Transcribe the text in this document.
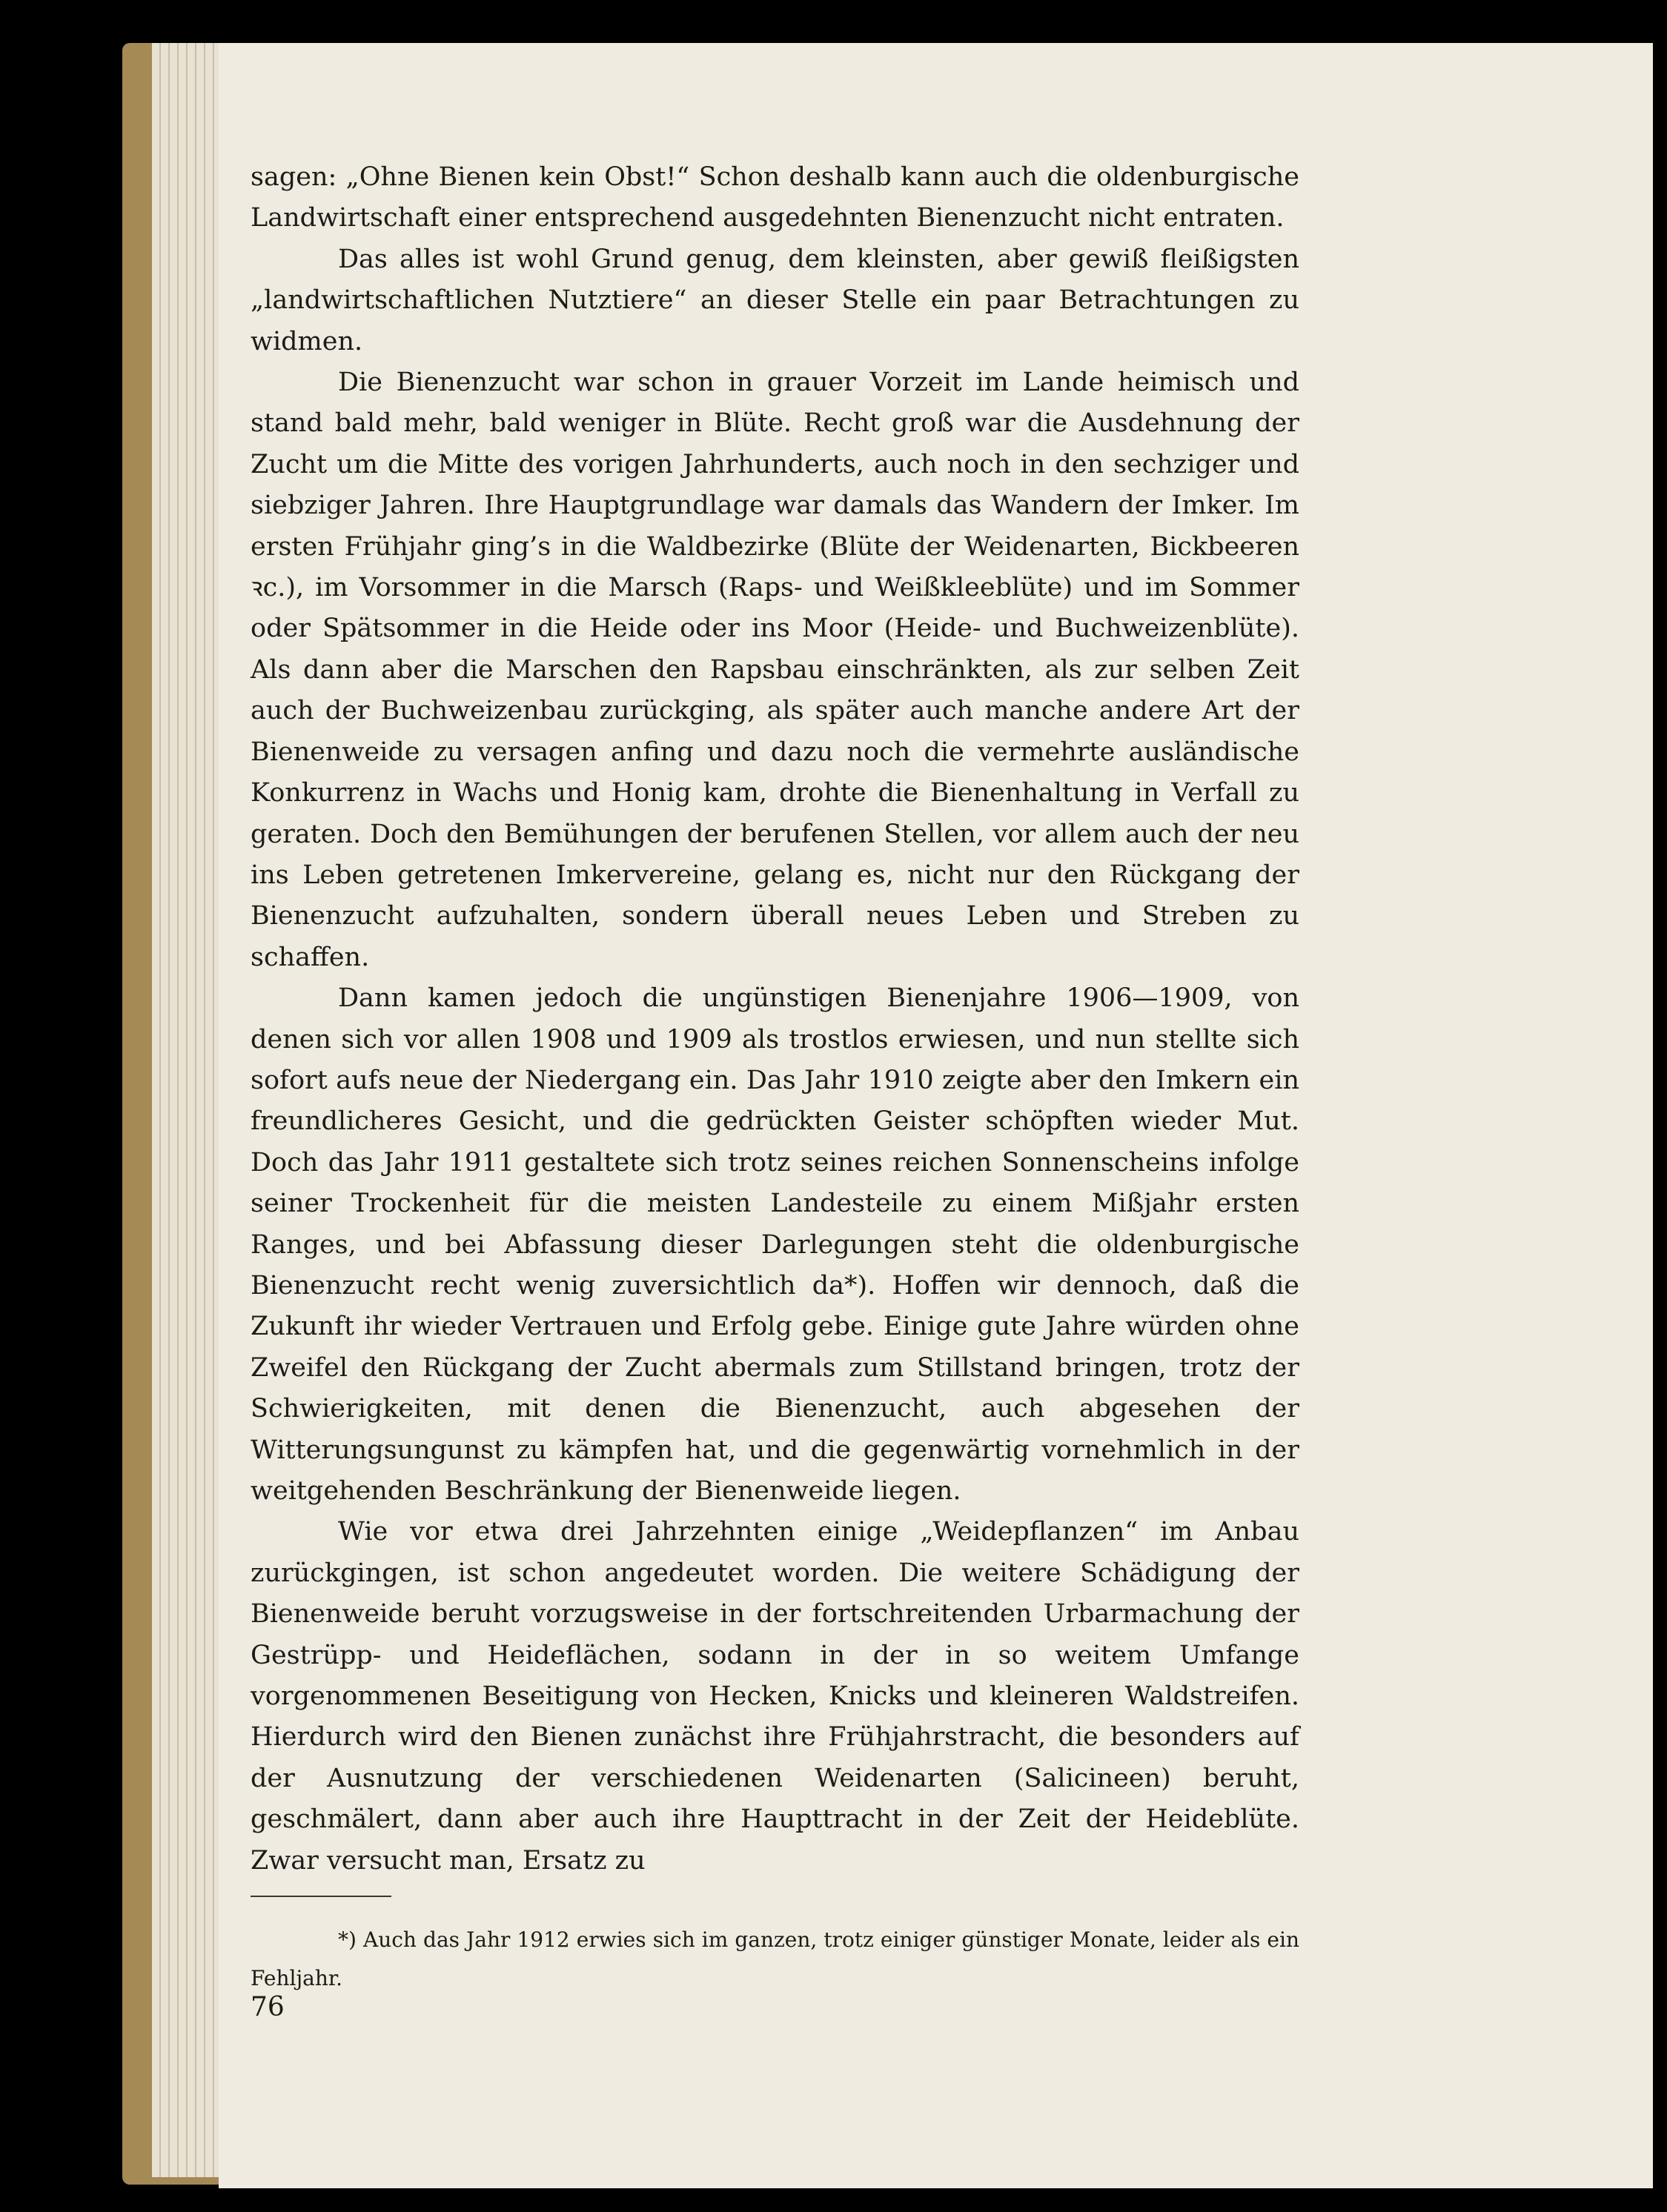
sagen: „Ohne Bienen kein Obst!“ Schon deshalb kann auch die oldenburgische Landwirtschaft einer entsprechend ausgedehnten Bienenzucht nicht entraten.

Das alles ist wohl Grund genug, dem kleinsten, aber gewiß fleißigsten „landwirtschaftlichen Nutztiere“ an dieser Stelle ein paar Betrachtungen zu widmen.

Die Bienenzucht war schon in grauer Vorzeit im Lande heimisch und stand bald mehr, bald weniger in Blüte. Recht groß war die Ausdehnung der Zucht um die Mitte des vorigen Jahrhunderts, auch noch in den sechziger und siebziger Jahren. Ihre Hauptgrundlage war damals das Wandern der Imker. Im ersten Frühjahr ging’s in die Waldbezirke (Blüte der Weidenarten, Bickbeeren ꝛc.), im Vorsommer in die Marsch (Raps- und Weißkleeblüte) und im Sommer oder Spätsommer in die Heide oder ins Moor (Heide- und Buchweizenblüte). Als dann aber die Marschen den Rapsbau einschränkten, als zur selben Zeit auch der Buchweizenbau zurückging, als später auch manche andere Art der Bienenweide zu versagen anfing und dazu noch die vermehrte ausländische Konkurrenz in Wachs und Honig kam, drohte die Bienenhaltung in Verfall zu geraten. Doch den Bemühungen der berufenen Stellen, vor allem auch der neu ins Leben getretenen Imkervereine, gelang es, nicht nur den Rückgang der Bienenzucht aufzuhalten, sondern überall neues Leben und Streben zu schaffen.

Dann kamen jedoch die ungünstigen Bienenjahre 1906—1909, von denen sich vor allen 1908 und 1909 als trostlos erwiesen, und nun stellte sich sofort aufs neue der Niedergang ein. Das Jahr 1910 zeigte aber den Imkern ein freundlicheres Gesicht, und die gedrückten Geister schöpften wieder Mut. Doch das Jahr 1911 gestaltete sich trotz seines reichen Sonnenscheins infolge seiner Trockenheit für die meisten Landesteile zu einem Mißjahr ersten Ranges, und bei Abfassung dieser Darlegungen steht die oldenburgische Bienenzucht recht wenig zuversichtlich da*). Hoffen wir dennoch, daß die Zukunft ihr wieder Vertrauen und Erfolg gebe. Einige gute Jahre würden ohne Zweifel den Rückgang der Zucht abermals zum Stillstand bringen, trotz der Schwierigkeiten, mit denen die Bienenzucht, auch abgesehen der Witterungsungunst zu kämpfen hat, und die gegenwärtig vornehmlich in der weitgehenden Beschränkung der Bienenweide liegen.

Wie vor etwa drei Jahrzehnten einige „Weidepflanzen“ im Anbau zurückgingen, ist schon angedeutet worden. Die weitere Schädigung der Bienenweide beruht vorzugsweise in der fortschreitenden Urbarmachung der Gestrüpp- und Heideflächen, sodann in der in so weitem Umfange vorgenommenen Beseitigung von Hecken, Knicks und kleineren Waldstreifen. Hierdurch wird den Bienen zunächst ihre Frühjahrstracht, die besonders auf der Ausnutzung der verschiedenen Weidenarten (Salicineen) beruht, geschmälert, dann aber auch ihre Haupttracht in der Zeit der Heideblüte. Zwar versucht man, Ersatz zu

*) Auch das Jahr 1912 erwies sich im ganzen, trotz einiger günstiger Monate, leider als ein Fehljahr.

76
